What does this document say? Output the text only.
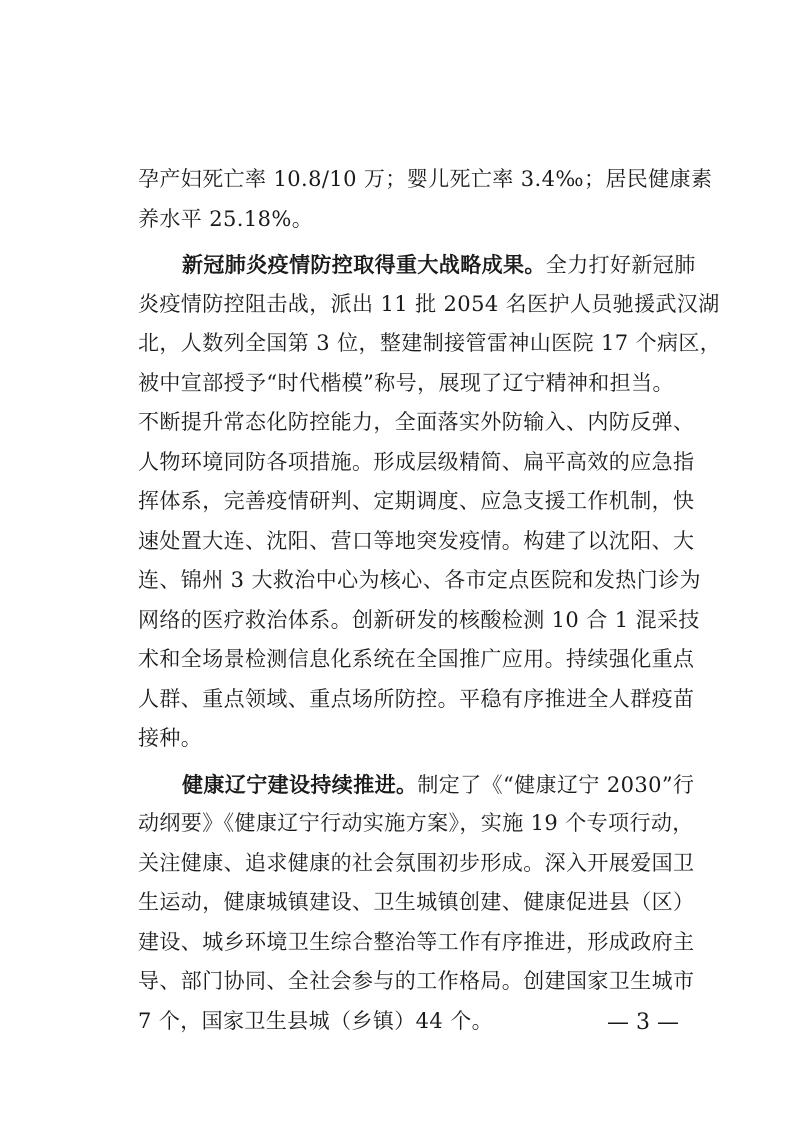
孕产妇死亡率 10.8/10 万；婴儿死亡率 3.4‰；居民健康素
养水平 25.18%。
新冠肺炎疫情防控取得重大战略成果。全力打好新冠肺
炎疫情防控阻击战，派出 11 批 2054 名医护人员驰援武汉湖
北，人数列全国第 3 位，整建制接管雷神山医院 17 个病区，
被中宣部授予“时代楷模”称号，展现了辽宁精神和担当。
不断提升常态化防控能力，全面落实外防输入、内防反弹、
人物环境同防各项措施。形成层级精简、扁平高效的应急指
挥体系，完善疫情研判、定期调度、应急支援工作机制，快
速处置大连、沈阳、营口等地突发疫情。构建了以沈阳、大
连、锦州 3 大救治中心为核心、各市定点医院和发热门诊为
网络的医疗救治体系。创新研发的核酸检测 10 合 1 混采技
术和全场景检测信息化系统在全国推广应用。持续强化重点
人群、重点领域、重点场所防控。平稳有序推进全人群疫苗
接种。
健康辽宁建设持续推进。制定了《“健康辽宁 2030”行
动纲要》《健康辽宁行动实施方案》，实施 19 个专项行动，
关注健康、追求健康的社会氛围初步形成。深入开展爱国卫
生运动，健康城镇建设、卫生城镇创建、健康促进县（区）
建设、城乡环境卫生综合整治等工作有序推进，形成政府主
导、部门协同、全社会参与的工作格局。创建国家卫生城市
7 个，国家卫生县城（乡镇）44 个。	— 3 —
